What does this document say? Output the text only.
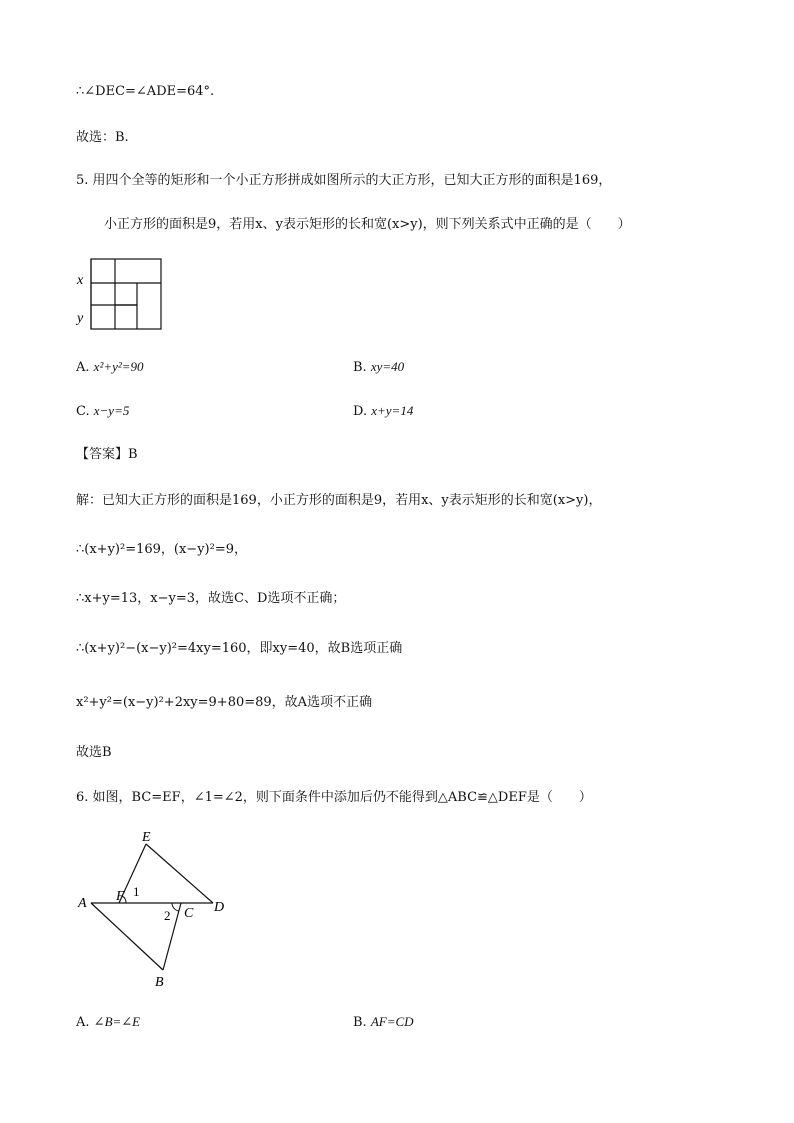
∴∠DEC=∠ADE=64°.
故选：B.
5. 用四个全等的矩形和一个小正方形拼成如图所示的大正方形，已知大正方形的面积是169，
小正方形的面积是9，若用x、y表示矩形的长和宽(x>y)，则下列关系式中正确的是（　　）
x
y
A. x²+y²=90	B. xy=40
C. x−y=5	D. x+y=14
【答案】B
解：已知大正方形的面积是169，小正方形的面积是9，若用x、y表示矩形的长和宽(x>y)，
∴(x+y)²=169，(x−y)²=9，
∴x+y=13，x−y=3，故选C、D选项不正确；
∴(x+y)²−(x−y)²=4xy=160，即xy=40，故B选项正确
x²+y²=(x−y)²+2xy=9+80=89，故A选项不正确
故选B
6. 如图，BC=EF，∠1=∠2，则下面条件中添加后仍不能得到△ABC≌△DEF是（　　）
E
A F 1
2 C D
B
A. ∠B=∠E	B. AF=CD
